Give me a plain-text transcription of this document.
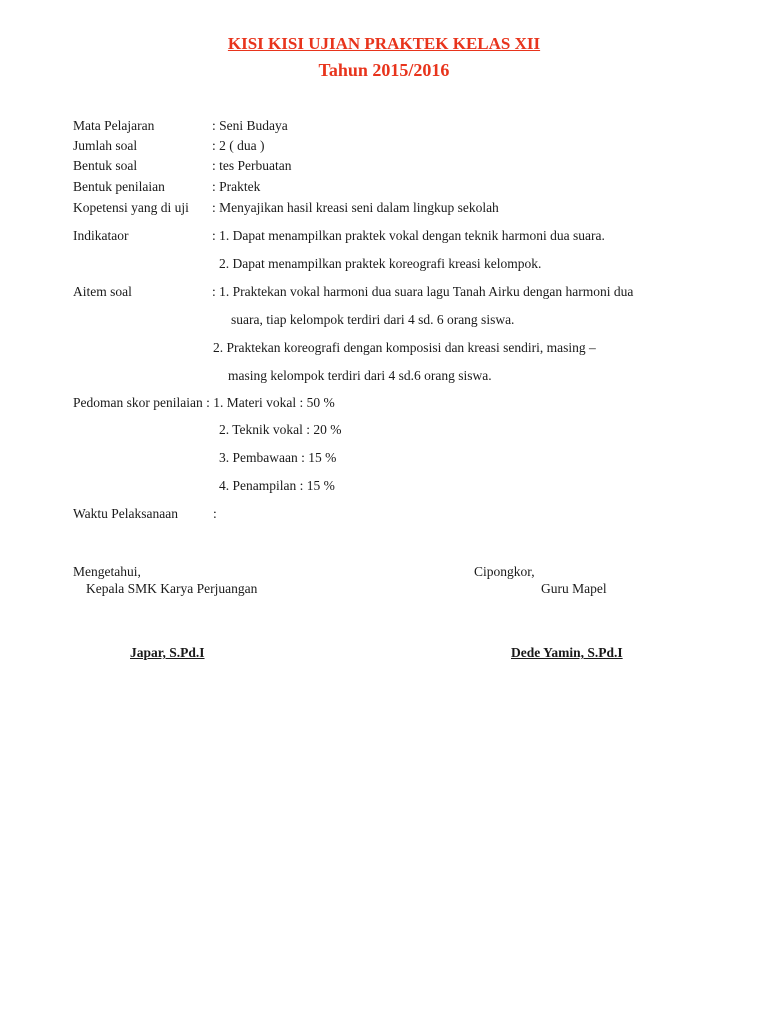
KISI KISI UJIAN PRAKTEK KELAS XII
Tahun 2015/2016
Mata Pelajaran	: Seni Budaya
Jumlah soal	: 2 ( dua )
Bentuk soal	: tes Perbuatan
Bentuk penilaian	: Praktek
Kopetensi yang di uji : Menyajikan hasil kreasi seni dalam lingkup sekolah
Indikataor	: 1. Dapat menampilkan praktek vokal dengan teknik harmoni dua suara.
2. Dapat menampilkan praktek koreografi kreasi kelompok.
Aitem soal	: 1. Praktekan vokal harmoni dua suara lagu Tanah Airku dengan harmoni dua
suara, tiap kelompok terdiri dari 4 sd. 6 orang siswa.
2. Praktekan koreografi dengan komposisi dan kreasi sendiri, masing –
masing kelompok terdiri dari 4 sd.6 orang siswa.
Pedoman skor penilaian : 1. Materi vokal : 50 %
2. Teknik vokal : 20 %
3. Pembawaan : 15 %
4. Penampilan : 15 %
Waktu Pelaksanaan	:
Mengetahui,
Kepala SMK Karya Perjuangan
Japar, S.Pd.I
Cipongkor,
Guru Mapel
Dede Yamin, S.Pd.I
